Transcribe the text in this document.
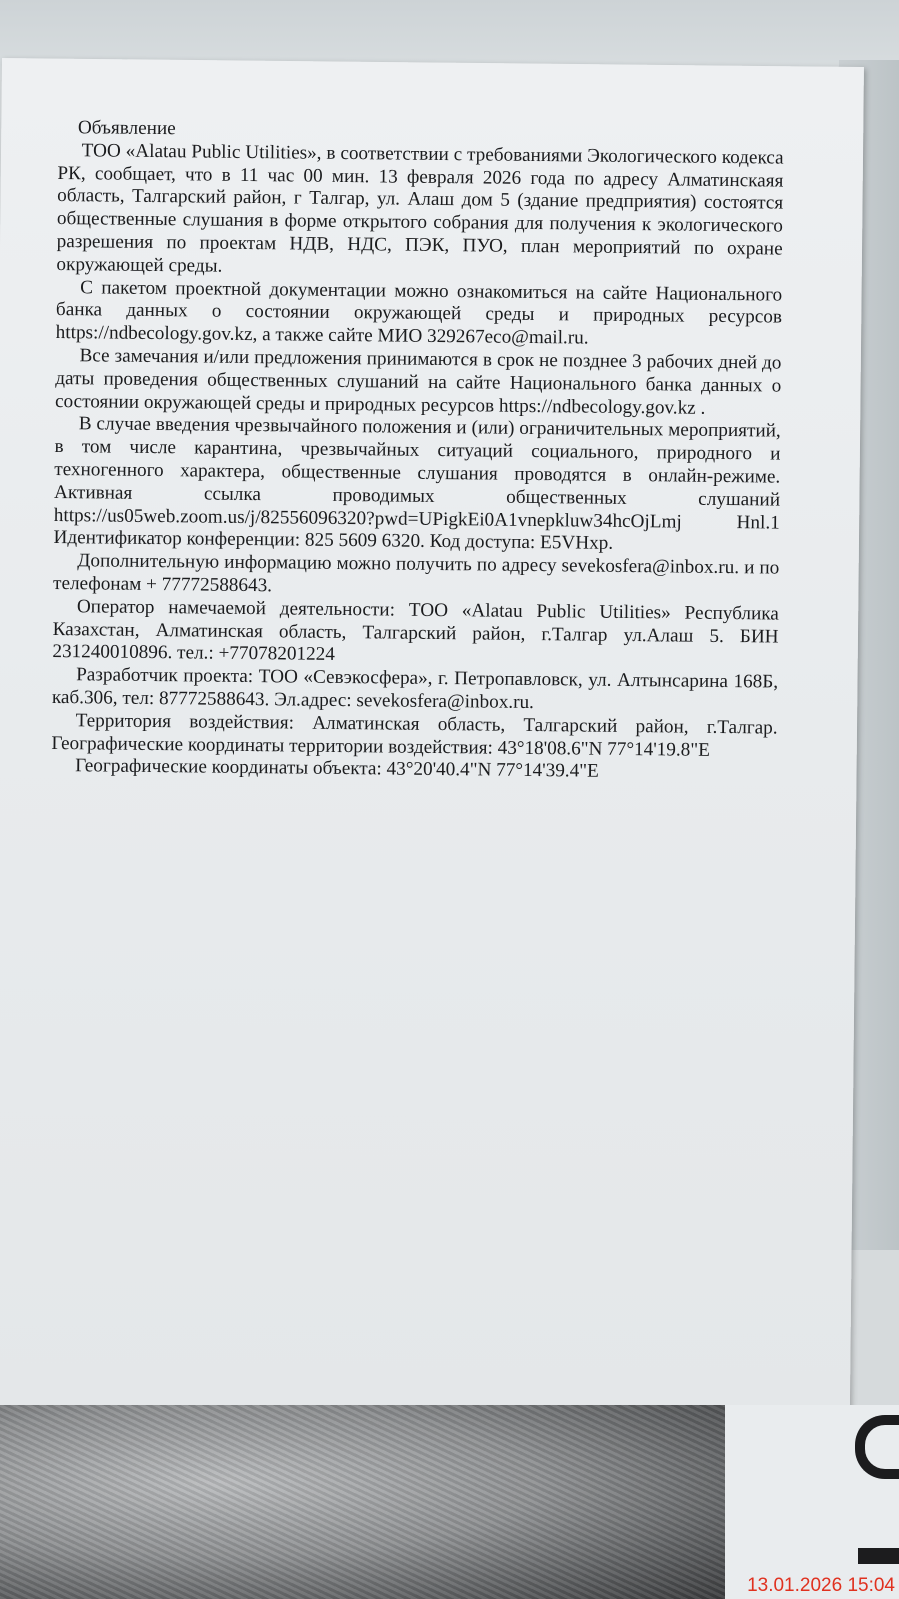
Объявление

ТОО «Alatau Public Utilities», в соответствии с требованиями Экологического кодекса РК, сообщает, что в 11 час 00 мин. 13 февраля 2026 года по адресу Алматинскаяя область, Талгарский район, г Талгар, ул. Алаш дом 5 (здание предприятия) состоятся общественные слушания в форме открытого собрания для получения к экологического разрешения по проектам НДВ, НДС, ПЭК, ПУО, план мероприятий по охране окружающей среды.

С пакетом проектной документации можно ознакомиться на сайте Национального банка данных о состоянии окружающей среды и природных ресурсов https://ndbecology.gov.kz, а также сайте МИО 329267eco@mail.ru.

Все замечания и/или предложения принимаются в срок не позднее 3 рабочих дней до даты проведения общественных слушаний на сайте Национального банка данных о состоянии окружающей среды и природных ресурсов https://ndbecology.gov.kz .

В случае введения чрезвычайного положения и (или) ограничительных мероприятий, в том числе карантина, чрезвычайных ситуаций социального, природного и техногенного характера, общественные слушания проводятся в онлайн-режиме. Активная ссылка проводимых общественных слушаний https://us05web.zoom.us/j/82556096320?pwd=UPigkEi0A1vnepkluw34hcOjLmj Hnl.1 Идентификатор конференции: 825 5609 6320. Код доступа: E5VHxp.

Дополнительную информацию можно получить по адресу sevekosfera@inbox.ru. и по телефонам + 77772588643.

Оператор намечаемой деятельности: ТОО «Alatau Public Utilities» Республика Казахстан, Алматинская область, Талгарский район, г.Талгар ул.Алаш 5. БИН 231240010896. тел.: +77078201224

Разработчик проекта: ТОО «Севэкосфера», г. Петропавловск, ул. Алтынсарина 168Б, каб.306, тел: 87772588643. Эл.адрес: sevekosfera@inbox.ru.

Территория воздействия: Алматинская область, Талгарский район, г.Талгар. Географические координаты территории воздействия: 43°18'08.6"N 77°14'19.8"E

Географические координаты объекта: 43°20'40.4"N 77°14'39.4"E

13.01.2026 15:04
